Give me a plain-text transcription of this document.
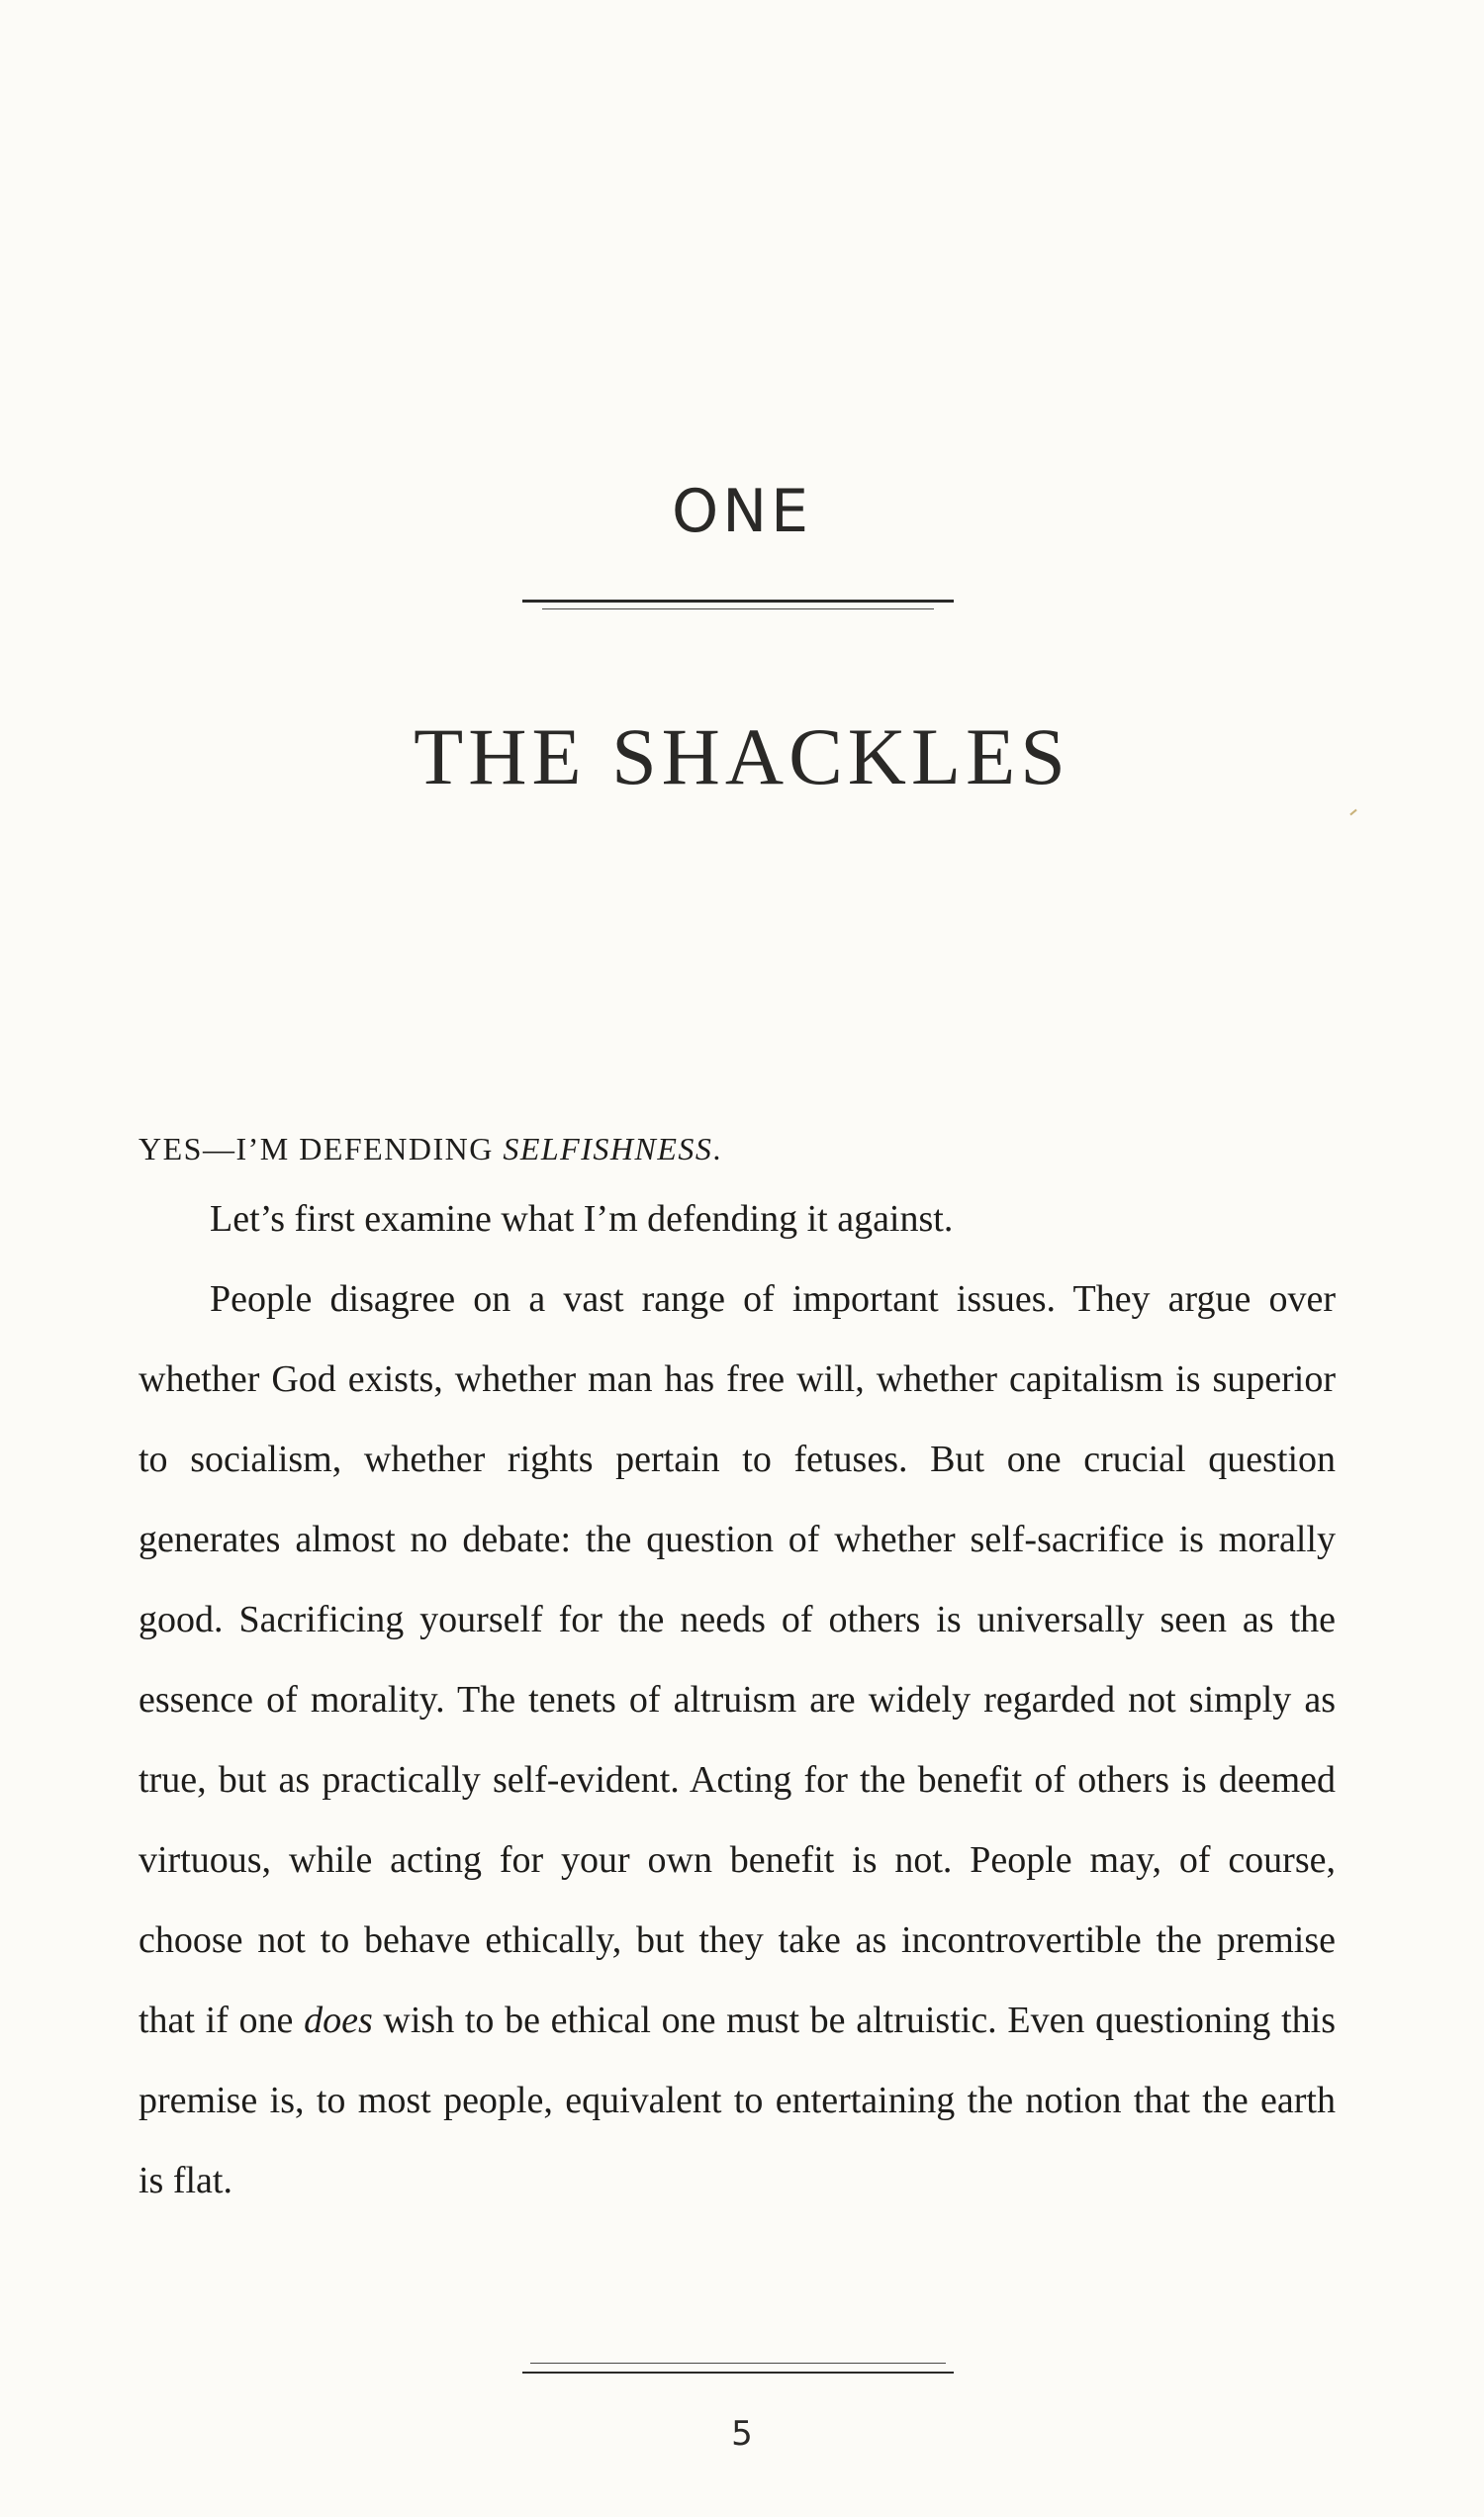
ONE
THE SHACKLES

YES—I’M DEFENDING SELFISHNESS.

Let’s first examine what I’m defending it against.

People disagree on a vast range of important issues. They argue over whether God exists, whether man has free will, whether capitalism is superior to socialism, whether rights pertain to fetuses. But one crucial question generates almost no debate: the question of whether self-sacrifice is morally good. Sacrificing yourself for the needs of others is universally seen as the essence of morality. The tenets of altruism are widely regarded not simply as true, but as practically self-evident. Acting for the benefit of others is deemed virtuous, while acting for your own benefit is not. People may, of course, choose not to behave ethically, but they take as incontrovertible the premise that if one does wish to be ethical one must be altruistic. Even questioning this premise is, to most people, equivalent to entertaining the notion that the earth is flat.

5
